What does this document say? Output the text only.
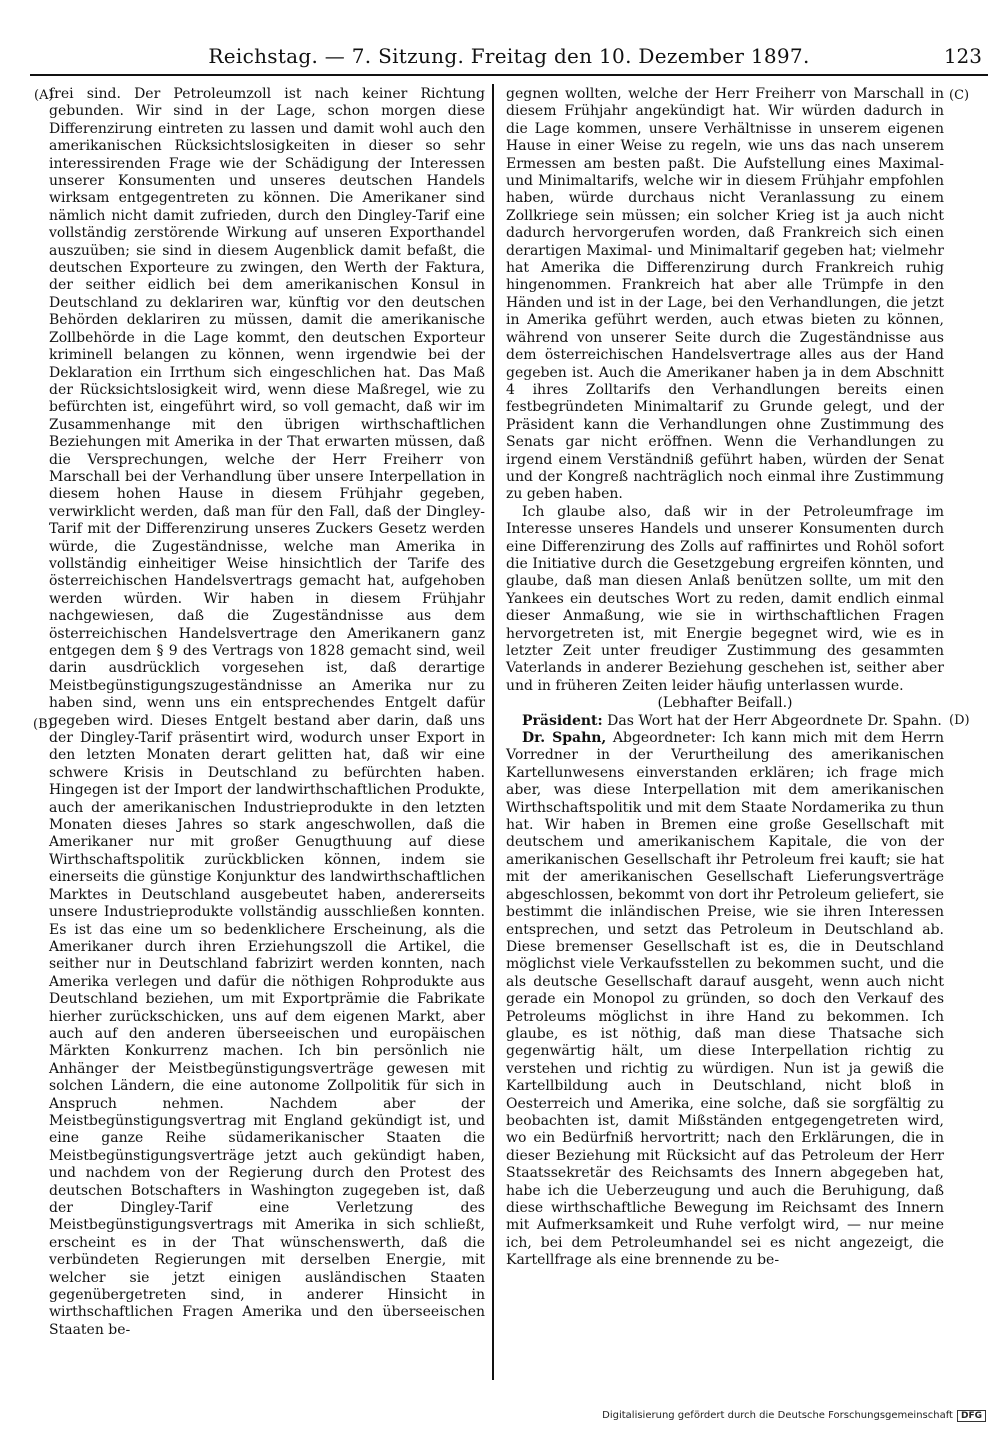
Reichstag. — 7. Sitzung. Freitag den 10. Dezember 1897.	123
(A)
(B)
(C)
(D)

frei sind. Der Petroleumzoll ist nach keiner Richtung gebunden. Wir sind in der Lage, schon morgen diese Differenzirung eintreten zu lassen und damit wohl auch den amerikanischen Rücksichtslosigkeiten in dieser so sehr interessirenden Frage wie der Schädigung der Interessen unserer Konsumenten und unseres deutschen Handels wirksam entgegentreten zu können. Die Amerikaner sind nämlich nicht damit zufrieden, durch den Dingley-Tarif eine vollständig zerstörende Wirkung auf unseren Exporthandel auszuüben; sie sind in diesem Augenblick damit befaßt, die deutschen Exporteure zu zwingen, den Werth der Faktura, der seither eidlich bei dem amerikanischen Konsul in Deutschland zu deklariren war, künftig vor den deutschen Behörden deklariren zu müssen, damit die amerikanische Zollbehörde in die Lage kommt, den deutschen Exporteur kriminell belangen zu können, wenn irgendwie bei der Deklaration ein Irrthum sich eingeschlichen hat. Das Maß der Rücksichtslosigkeit wird, wenn diese Maßregel, wie zu befürchten ist, eingeführt wird, so voll gemacht, daß wir im Zusammenhange mit den übrigen wirthschaftlichen Beziehungen mit Amerika in der That erwarten müssen, daß die Versprechungen, welche der Herr Freiherr von Marschall bei der Verhandlung über unsere Interpellation in diesem hohen Hause in diesem Frühjahr gegeben, verwirklicht werden, daß man für den Fall, daß der Dingley-Tarif mit der Differenzirung unseres Zuckers Gesetz werden würde, die Zugeständnisse, welche man Amerika in vollständig einheitiger Weise hinsichtlich der Tarife des österreichischen Handelsvertrags gemacht hat, aufgehoben werden würden. Wir haben in diesem Frühjahr nachgewiesen, daß die Zugeständnisse aus dem österreichischen Handelsvertrage den Amerikanern ganz entgegen dem § 9 des Vertrags von 1828 gemacht sind, weil darin ausdrücklich vorgesehen ist, daß derartige Meistbegünstigungszugeständnisse an Amerika nur zu haben sind, wenn uns ein entsprechendes Entgelt dafür gegeben wird. Dieses Entgelt bestand aber darin, daß uns der Dingley-Tarif präsentirt wird, wodurch unser Export in den letzten Monaten derart gelitten hat, daß wir eine schwere Krisis in Deutschland zu befürchten haben. Hingegen ist der Import der landwirthschaftlichen Produkte, auch der amerikanischen Industrieprodukte in den letzten Monaten dieses Jahres so stark angeschwollen, daß die Amerikaner nur mit großer Genugthuung auf diese Wirthschaftspolitik zurückblicken können, indem sie einerseits die günstige Konjunktur des landwirthschaftlichen Marktes in Deutschland ausgebeutet haben, andererseits unsere Industrieprodukte vollständig ausschließen konnten. Es ist das eine um so bedenklichere Erscheinung, als die Amerikaner durch ihren Erziehungszoll die Artikel, die seither nur in Deutschland fabrizirt werden konnten, nach Amerika verlegen und dafür die nöthigen Rohprodukte aus Deutschland beziehen, um mit Exportprämie die Fabrikate hierher zurückschicken, uns auf dem eigenen Markt, aber auch auf den anderen überseeischen und europäischen Märkten Konkurrenz machen. Ich bin persönlich nie Anhänger der Meistbegünstigungsverträge gewesen mit solchen Ländern, die eine autonome Zollpolitik für sich in Anspruch nehmen. Nachdem aber der Meistbegünstigungsvertrag mit England gekündigt ist, und eine ganze Reihe südamerikanischer Staaten die Meistbegünstigungsverträge jetzt auch gekündigt haben, und nachdem von der Regierung durch den Protest des deutschen Botschafters in Washington zugegeben ist, daß der Dingley-Tarif eine Verletzung des Meistbegünstigungsvertrags mit Amerika in sich schließt, erscheint es in der That wünschenswerth, daß die verbündeten Regierungen mit derselben Energie, mit welcher sie jetzt einigen ausländischen Staaten gegenübergetreten sind, in anderer Hinsicht in wirthschaftlichen Fragen Amerika und den überseeischen Staaten be-

gegnen wollten, welche der Herr Freiherr von Marschall in diesem Frühjahr angekündigt hat. Wir würden dadurch in die Lage kommen, unsere Verhältnisse in unserem eigenen Hause in einer Weise zu regeln, wie uns das nach unserem Ermessen am besten paßt. Die Aufstellung eines Maximal- und Minimaltarifs, welche wir in diesem Frühjahr empfohlen haben, würde durchaus nicht Veranlassung zu einem Zollkriege sein müssen; ein solcher Krieg ist ja auch nicht dadurch hervorgerufen worden, daß Frankreich sich einen derartigen Maximal- und Minimaltarif gegeben hat; vielmehr hat Amerika die Differenzirung durch Frankreich ruhig hingenommen. Frankreich hat aber alle Trümpfe in den Händen und ist in der Lage, bei den Verhandlungen, die jetzt in Amerika geführt werden, auch etwas bieten zu können, während von unserer Seite durch die Zugeständnisse aus dem österreichischen Handelsvertrage alles aus der Hand gegeben ist. Auch die Amerikaner haben ja in dem Abschnitt 4 ihres Zolltarifs den Verhandlungen bereits einen festbegründeten Minimaltarif zu Grunde gelegt, und der Präsident kann die Verhandlungen ohne Zustimmung des Senats gar nicht eröffnen. Wenn die Verhandlungen zu irgend einem Verständniß geführt haben, würden der Senat und der Kongreß nachträglich noch einmal ihre Zustimmung zu geben haben.

Ich glaube also, daß wir in der Petroleumfrage im Interesse unseres Handels und unserer Konsumenten durch eine Differenzirung des Zolls auf raffinirtes und Rohöl sofort die Initiative durch die Gesetzgebung ergreifen könnten, und glaube, daß man diesen Anlaß benützen sollte, um mit den Yankees ein deutsches Wort zu reden, damit endlich einmal dieser Anmaßung, wie sie in wirthschaftlichen Fragen hervorgetreten ist, mit Energie begegnet wird, wie es in letzter Zeit unter freudiger Zustimmung des gesammten Vaterlands in anderer Beziehung geschehen ist, seither aber und in früheren Zeiten leider häufig unterlassen wurde.

(Lebhafter Beifall.)

Präsident: Das Wort hat der Herr Abgeordnete Dr. Spahn.

Dr. Spahn, Abgeordneter: Ich kann mich mit dem Herrn Vorredner in der Verurtheilung des amerikanischen Kartellunwesens einverstanden erklären; ich frage mich aber, was diese Interpellation mit dem amerikanischen Wirthschaftspolitik und mit dem Staate Nordamerika zu thun hat. Wir haben in Bremen eine große Gesellschaft mit deutschem und amerikanischem Kapitale, die von der amerikanischen Gesellschaft ihr Petroleum frei kauft; sie hat mit der amerikanischen Gesellschaft Lieferungsverträge abgeschlossen, bekommt von dort ihr Petroleum geliefert, sie bestimmt die inländischen Preise, wie sie ihren Interessen entsprechen, und setzt das Petroleum in Deutschland ab. Diese bremenser Gesellschaft ist es, die in Deutschland möglichst viele Verkaufsstellen zu bekommen sucht, und die als deutsche Gesellschaft darauf ausgeht, wenn auch nicht gerade ein Monopol zu gründen, so doch den Verkauf des Petroleums möglichst in ihre Hand zu bekommen. Ich glaube, es ist nöthig, daß man diese Thatsache sich gegenwärtig hält, um diese Interpellation richtig zu verstehen und richtig zu würdigen. Nun ist ja gewiß die Kartellbildung auch in Deutschland, nicht bloß in Oesterreich und Amerika, eine solche, daß sie sorgfältig zu beobachten ist, damit Mißständen entgegengetreten wird, wo ein Bedürfniß hervortritt; nach den Erklärungen, die in dieser Beziehung mit Rücksicht auf das Petroleum der Herr Staatssekretär des Reichsamts des Innern abgegeben hat, habe ich die Ueberzeugung und auch die Beruhigung, daß diese wirthschaftliche Bewegung im Reichsamt des Innern mit Aufmerksamkeit und Ruhe verfolgt wird, — nur meine ich, bei dem Petroleumhandel sei es nicht angezeigt, die Kartellfrage als eine brennende zu be-

Digitalisierung gefördert durch die Deutsche Forschungsgemeinschaft DFG
